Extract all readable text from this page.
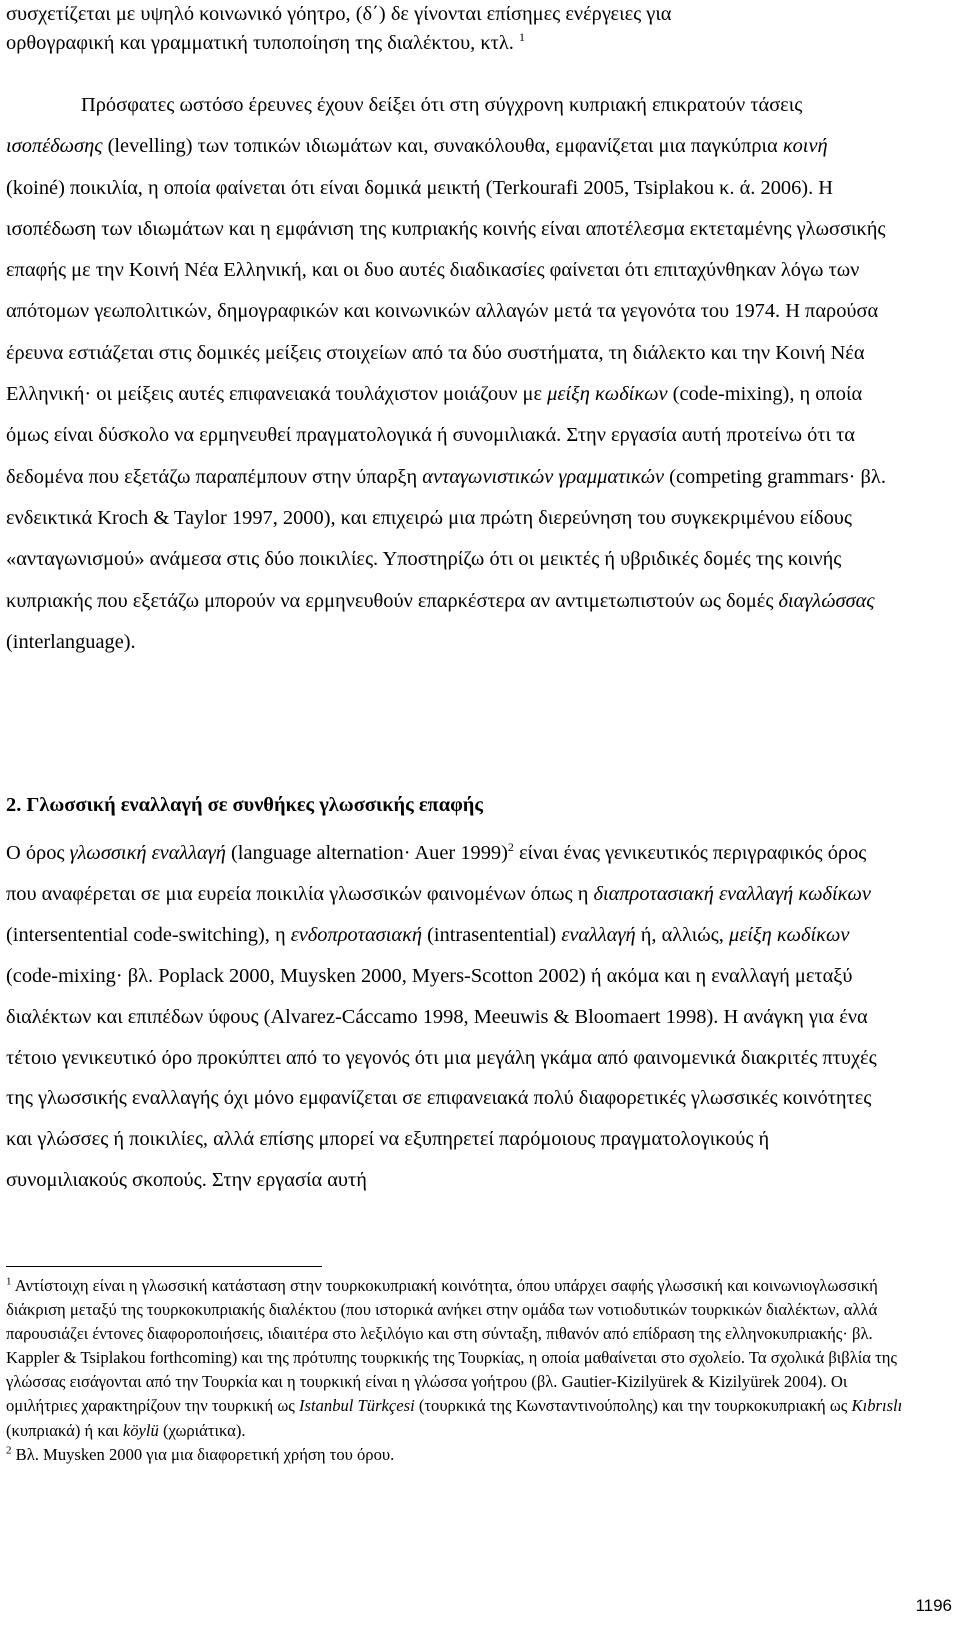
συσχετίζεται με υψηλό κοινωνικό γόητρο, (δ΄) δε γίνονται επίσημες ενέργειες για
ορθογραφική και γραμματική τυποποίηση της διαλέκτου, κτλ. $^1$

Πρόσφατες ωστόσο έρευνες έχουν δείξει ότι στη σύγχρονη κυπριακή επικρατούν τάσεις ισοπέδωσης (levelling) των τοπικών ιδιωμάτων και, συνακόλουθα, εμφανίζεται μια παγκύπρια κοινή (koiné) ποικιλία, η οποία φαίνεται ότι είναι δομικά μεικτή (Terkourafi 2005, Tsiplakou κ. ά. 2006). Η ισοπέδωση των ιδιωμάτων και η εμφάνιση της κυπριακής κοινής είναι αποτέλεσμα εκτεταμένης γλωσσικής επαφής με την Κοινή Νέα Ελληνική, και οι δυο αυτές διαδικασίες φαίνεται ότι επιταχύνθηκαν λόγω των απότομων γεωπολιτικών, δημογραφικών και κοινωνικών αλλαγών μετά τα γεγονότα του 1974. Η παρούσα έρευνα εστιάζεται στις δομικές μείξεις στοιχείων από τα δύο συστήματα, τη διάλεκτο και την Κοινή Νέα Ελληνική· οι μείξεις αυτές επιφανειακά τουλάχιστον μοιάζουν με μείξη κωδίκων (code-mixing), η οποία όμως είναι δύσκολο να ερμηνευθεί πραγματολογικά ή συνομιλιακά. Στην εργασία αυτή προτείνω ότι τα δεδομένα που εξετάζω παραπέμπουν στην ύπαρξη ανταγωνιστικών γραμματικών (competing grammars· βλ. ενδεικτικά Kroch & Taylor 1997, 2000), και επιχειρώ μια πρώτη διερεύνηση του συγκεκριμένου είδους «ανταγωνισμού» ανάμεσα στις δύο ποικιλίες. Υποστηρίζω ότι οι μεικτές ή υβριδικές δομές της κοινής κυπριακής που εξετάζω μπορούν να ερμηνευθούν επαρκέστερα αν αντιμετωπιστούν ως δομές διαγλώσσας (interlanguage).

2. Γλωσσική εναλλαγή σε συνθήκες γλωσσικής επαφής

Ο όρος γλωσσική εναλλαγή (language alternation· Auer 1999)$^2$ είναι ένας γενικευτικός περιγραφικός όρος που αναφέρεται σε μια ευρεία ποικιλία γλωσσικών φαινομένων όπως η διαπροτασιακή εναλλαγή κωδίκων (intersentential code-switching), η ενδοπροτασιακή (intrasentential) εναλλαγή ή, αλλιώς, μείξη κωδίκων (code-mixing· βλ. Poplack 2000, Muysken 2000, Myers-Scotton 2002) ή ακόμα και η εναλλαγή μεταξύ διαλέκτων και επιπέδων ύφους (Alvarez-Cáccamo 1998, Meeuwis & Bloomaert 1998). Η ανάγκη για ένα τέτοιο γενικευτικό όρο προκύπτει από το γεγονός ότι μια μεγάλη γκάμα από φαινομενικά διακριτές πτυχές της γλωσσικής εναλλαγής όχι μόνο εμφανίζεται σε επιφανειακά πολύ διαφορετικές γλωσσικές κοινότητες και γλώσσες ή ποικιλίες, αλλά επίσης μπορεί να εξυπηρετεί παρόμοιους πραγματολογικούς ή συνομιλιακούς σκοπούς. Στην εργασία αυτή

$^1$ Αντίστοιχη είναι η γλωσσική κατάσταση στην τουρκοκυπριακή κοινότητα, όπου υπάρχει σαφής γλωσσική και κοινωνιογλωσσική διάκριση μεταξύ της τουρκοκυπριακής διαλέκτου (που ιστορικά ανήκει στην ομάδα των νοτιοδυτικών τουρκικών διαλέκτων, αλλά παρουσιάζει έντονες διαφοροποιήσεις, ιδιαιτέρα στο λεξιλόγιο και στη σύνταξη, πιθανόν από επίδραση της ελληνοκυπριακής· βλ. Kappler & Tsiplakou forthcoming) και της πρότυπης τουρκικής της Τουρκίας, η οποία μαθαίνεται στο σχολείο. Τα σχολικά βιβλία της γλώσσας εισάγονται από την Τουρκία και η τουρκική είναι η γλώσσα γοήτρου (βλ. Gautier-Kizilyürek & Kizilyürek 2004). Οι ομιλήτριες χαρακτηρίζουν την τουρκική ως Istanbul Türkçesi (τουρκικά της Κωνσταντινούπολης) και την τουρκοκυπριακή ως Kıbrıslı (κυπριακά) ή και köylü (χωριάτικα).
$^2$ Βλ. Muysken 2000 για μια διαφορετική χρήση του όρου.
1196
